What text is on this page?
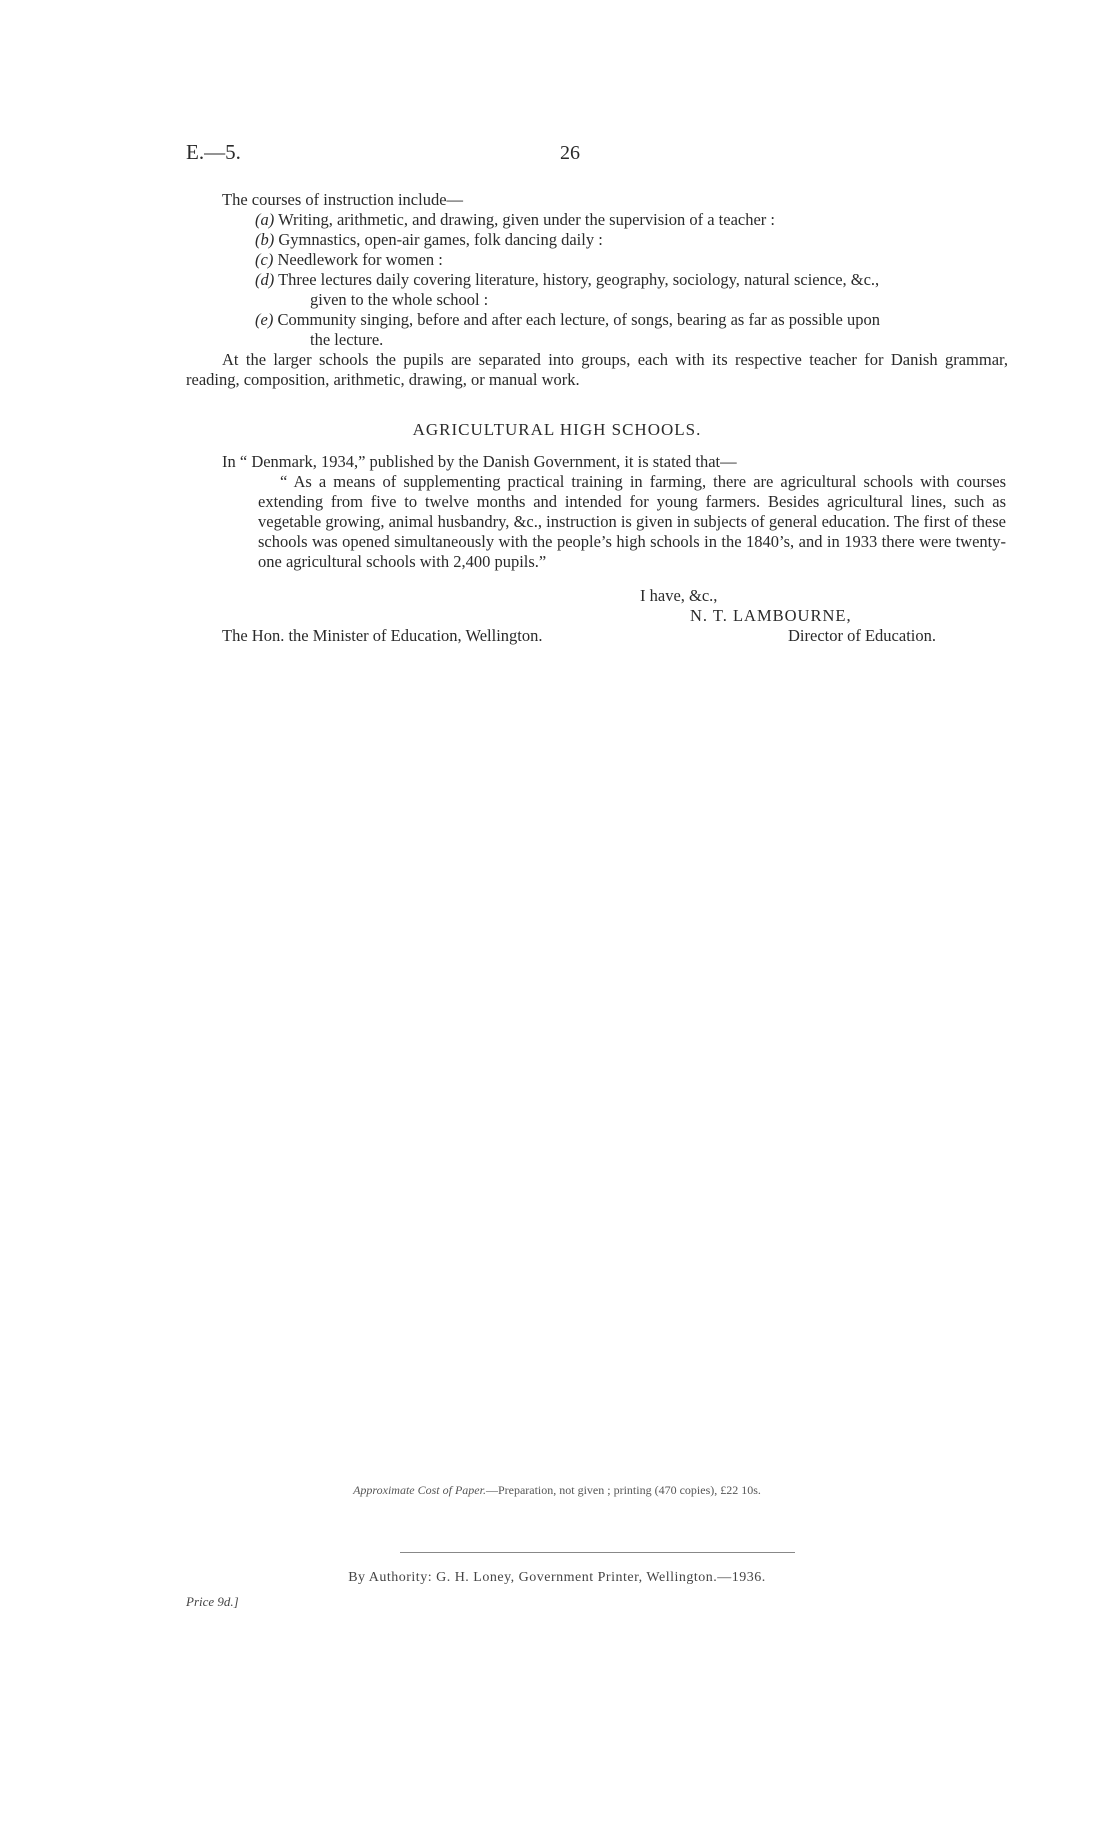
E.—5.	26
The courses of instruction include—
(a) Writing, arithmetic, and drawing, given under the supervision of a teacher :
(b) Gymnastics, open-air games, folk dancing daily :
(c) Needlework for women :
(d) Three lectures daily covering literature, history, geography, sociology, natural science, &c.,
given to the whole school :
(e) Community singing, before and after each lecture, of songs, bearing as far as possible upon
the lecture.
At the larger schools the pupils are separated into groups, each with its respective teacher for Danish grammar, reading, composition, arithmetic, drawing, or manual work.
AGRICULTURAL HIGH SCHOOLS.
In “ Denmark, 1934,” published by the Danish Government, it is stated that—
“ As a means of supplementing practical training in farming, there are agricultural schools with courses extending from five to twelve months and intended for young farmers. Besides agricultural lines, such as vegetable growing, animal husbandry, &c., instruction is given in subjects of general education. The first of these schools was opened simultaneously with the people’s high schools in the 1840’s, and in 1933 there were twenty-one agricultural schools with 2,400 pupils.”
I have, &c.,
N. T. LAMBOURNE,
The Hon. the Minister of Education, Wellington.	Director of Education.
Approximate Cost of Paper.—Preparation, not given ; printing (470 copies), £22 10s.
By Authority: G. H. Loney, Government Printer, Wellington.—1936.
Price 9d.]
